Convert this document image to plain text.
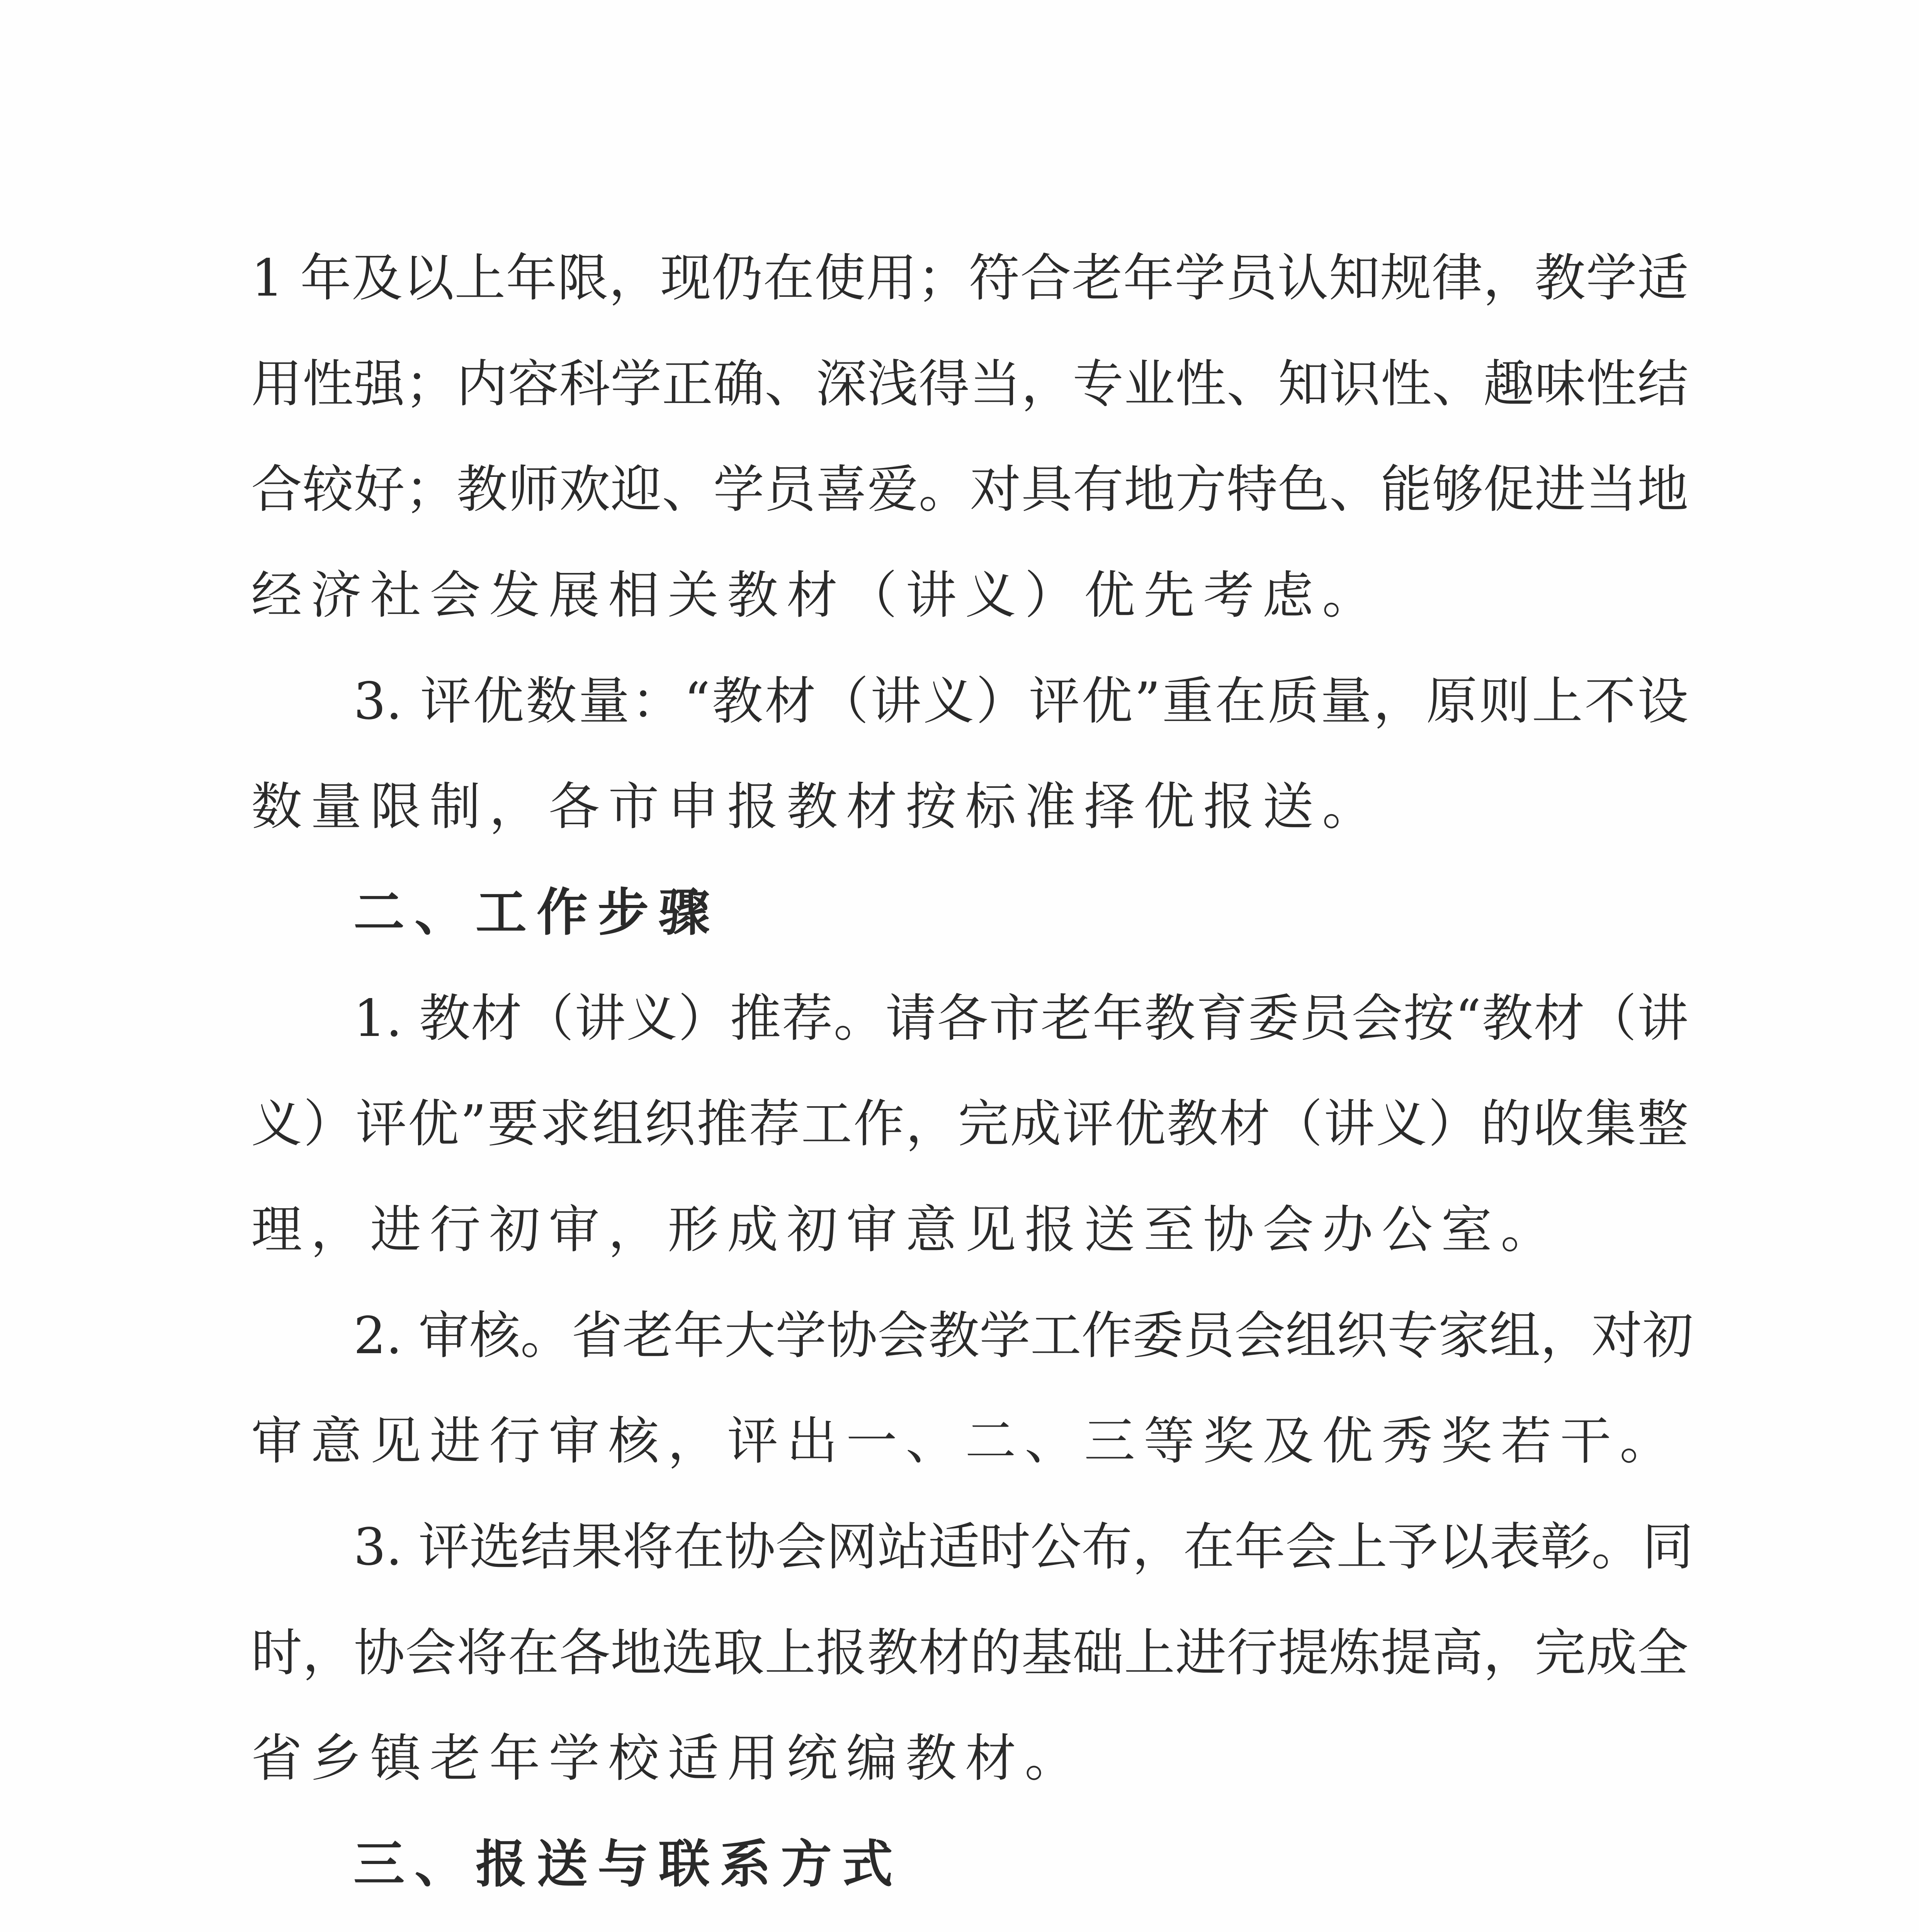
1 年及以上年限，现仍在使用；符合老年学员认知规律，教学适
用性强；内容科学正确、深浅得当，专业性、知识性、趣味性结
合较好；教师欢迎、学员喜爱。对具有地方特色、能够促进当地
经济社会发展相关教材（讲义）优先考虑。
3. 评优数量：“教材（讲义）评优”重在质量，原则上不设
数量限制，各市申报教材按标准择优报送。
二、工作步骤
1. 教材（讲义）推荐。请各市老年教育委员会按“教材（讲
义）评优”要求组织推荐工作，完成评优教材（讲义）的收集整
理，进行初审，形成初审意见报送至协会办公室。
2. 审核。省老年大学协会教学工作委员会组织专家组，对初
审意见进行审核，评出一、二、三等奖及优秀奖若干。
3. 评选结果将在协会网站适时公布，在年会上予以表彰。同
时，协会将在各地选取上报教材的基础上进行提炼提高，完成全
省乡镇老年学校适用统编教材。
三、报送与联系方式
